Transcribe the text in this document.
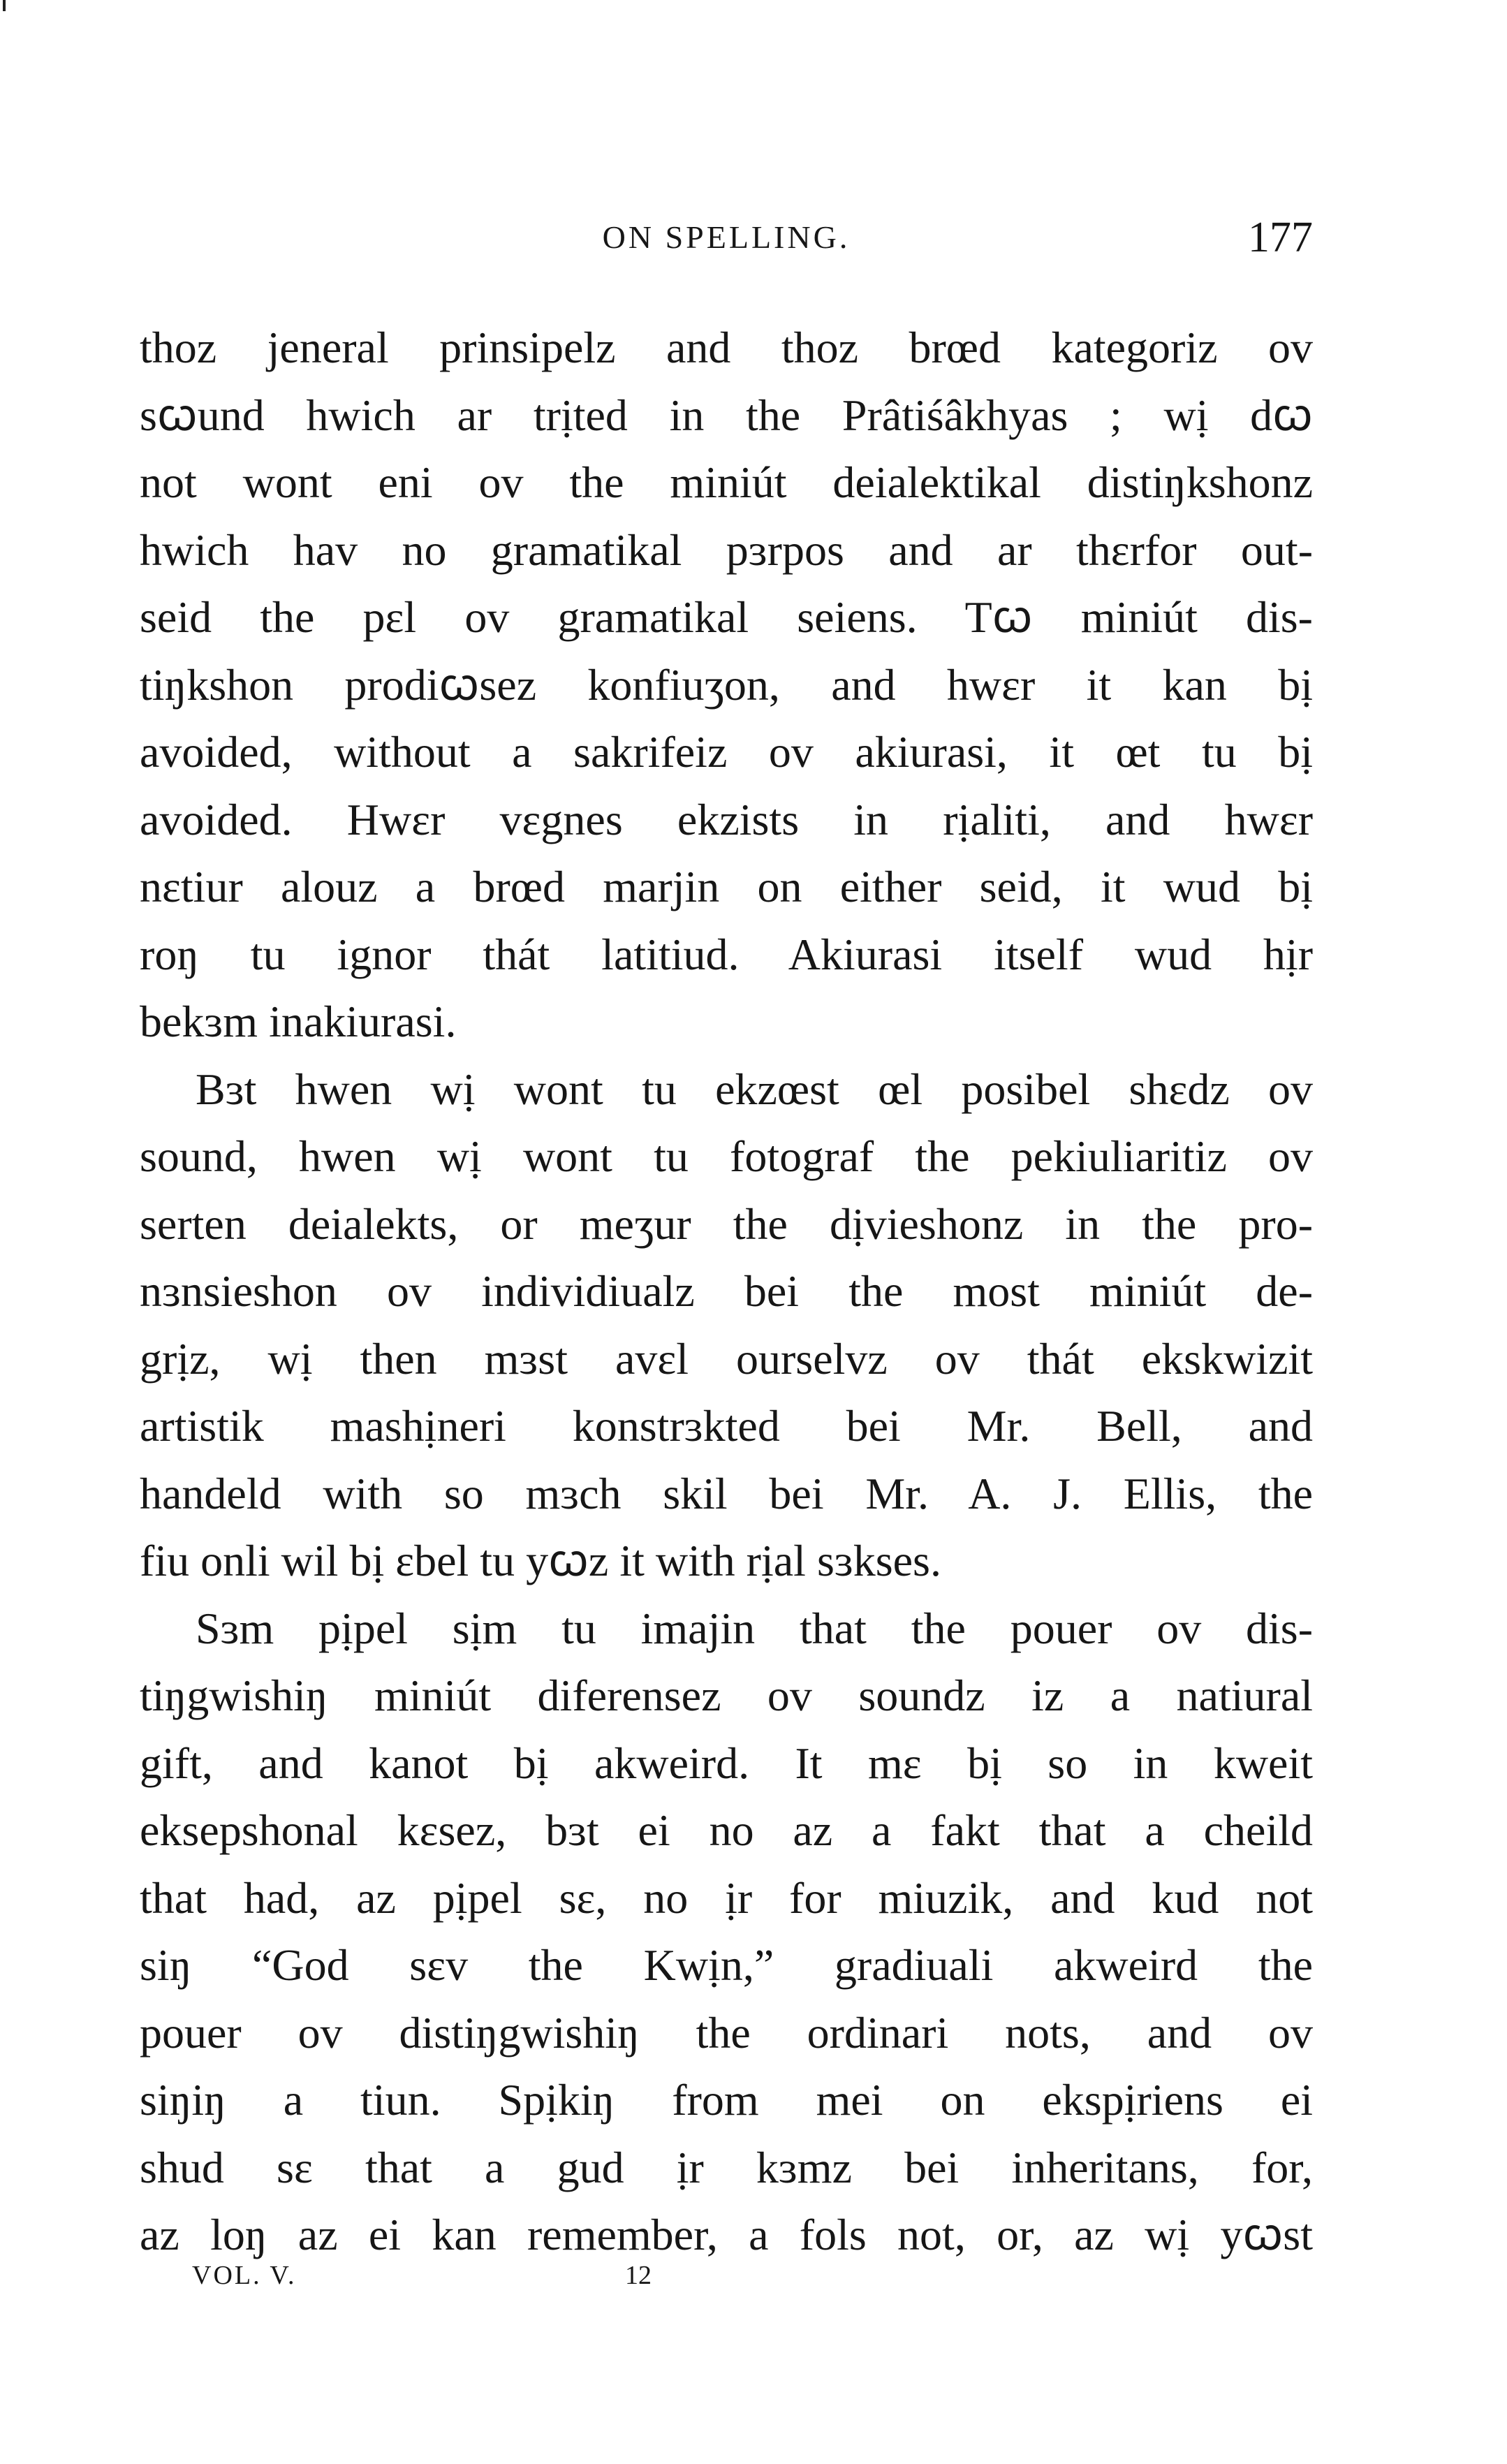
ON SPELLING.	177
thoz jeneral prinsipelz and thoz brœd kategoriz ov
sꞷund hwich ar trịted in the Prâtiśâkhyas ; wị dꞷ
not wont eni ov the miniút deialektikal distiŋkshonz
hwich hav no gramatikal pɜrpos and ar thɛrfor out-
seid the pɛl ov gramatikal seiens. Tꞷ miniút dis-
tiŋkshon prodiꞷsez konfiuʒon, and hwɛr it kan bị
avoided, without a sakrifeiz ov akiurasi, it œt tu bị
avoided. Hwɛr vɛgnes ekzists in rịaliti, and hwɛr
nɛtiur alouz a brœd marjin on either seid, it wud bị
roŋ tu ignor thát latitiud. Akiurasi itself wud hịr
bekɜm inakiurasi.
Bɜt hwen wị wont tu ekzœst œl posibel shɛdz ov
sound, hwen wị wont tu fotograf the pekiuliaritiz ov
serten deialekts, or meʒur the dịvieshonz in the pro-
nɜnsieshon ov individiualz bei the most miniút de-
grịz, wị then mɜst avɛl ourselvz ov thát ekskwizit
artistik mashịneri konstrɜkted bei Mr. Bell, and
handeld with so mɜch skil bei Mr. A. J. Ellis, the
fiu onli wil bị ɛbel tu yꞷz it with rịal sɜkses.
Sɜm pịpel sịm tu imajin that the pouer ov dis-
tiŋgwishiŋ miniút diferensez ov soundz iz a natiural
gift, and kanot bị akweird. It mɛ bị so in kweit
eksepshonal kɛsez, bɜt ei no az a fakt that a cheild
that had, az pịpel sɛ, no ịr for miuzik, and kud not
siŋ “God sɛv the Kwịn,” gradiuali akweird the
pouer ov distiŋgwishiŋ the ordinari nots, and ov
siŋiŋ a tiun. Spịkiŋ from mei on ekspịriens ei
shud sɛ that a gud ịr kɜmz bei inheritans, for,
az loŋ az ei kan remember, a fols not, or, az wị yꞷst
VOL. V.	12
